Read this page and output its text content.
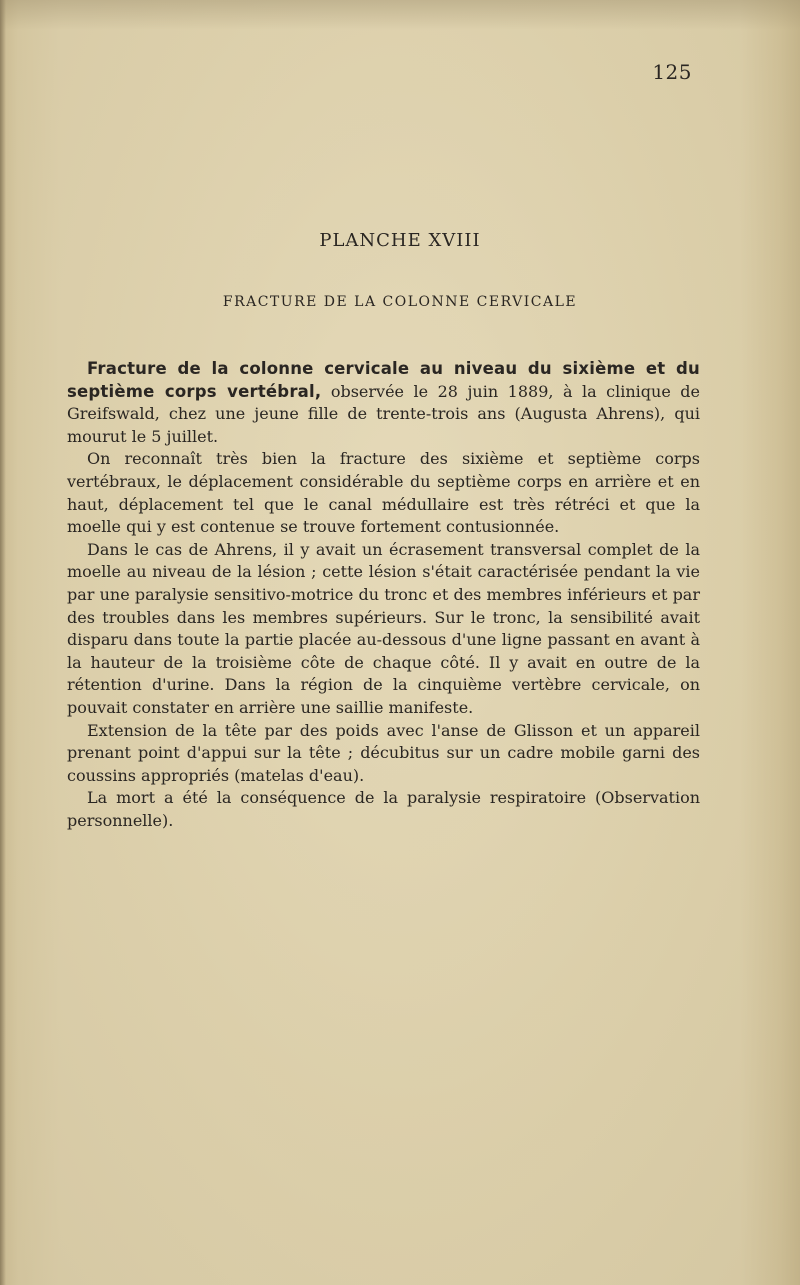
125
PLANCHE XVIII
FRACTURE DE LA COLONNE CERVICALE

Fracture de la colonne cervicale au niveau du sixième et du septième corps vertébral, observée le 28 juin 1889, à la clinique de Greifswald, chez une jeune fille de trente-trois ans (Augusta Ahrens), qui mourut le 5 juillet.

On reconnaît très bien la fracture des sixième et septième corps vertébraux, le déplacement considérable du septième corps en arrière et en haut, déplacement tel que le canal médullaire est très rétréci et que la moelle qui y est contenue se trouve fortement contusionnée.

Dans le cas de Ahrens, il y avait un écrasement transversal complet de la moelle au niveau de la lésion ; cette lésion s'était caractérisée pendant la vie par une paralysie sensitivo-motrice du tronc et des membres inférieurs et par des troubles dans les membres supérieurs. Sur le tronc, la sensibilité avait disparu dans toute la partie placée au-dessous d'une ligne passant en avant à la hauteur de la troisième côte de chaque côté. Il y avait en outre de la rétention d'urine. Dans la région de la cinquième vertèbre cervicale, on pouvait constater en arrière une saillie manifeste.

Extension de la tête par des poids avec l'anse de Glisson et un appareil prenant point d'appui sur la tête ; décubitus sur un cadre mobile garni des coussins appropriés (matelas d'eau).

La mort a été la conséquence de la paralysie respiratoire (Observation personnelle).
